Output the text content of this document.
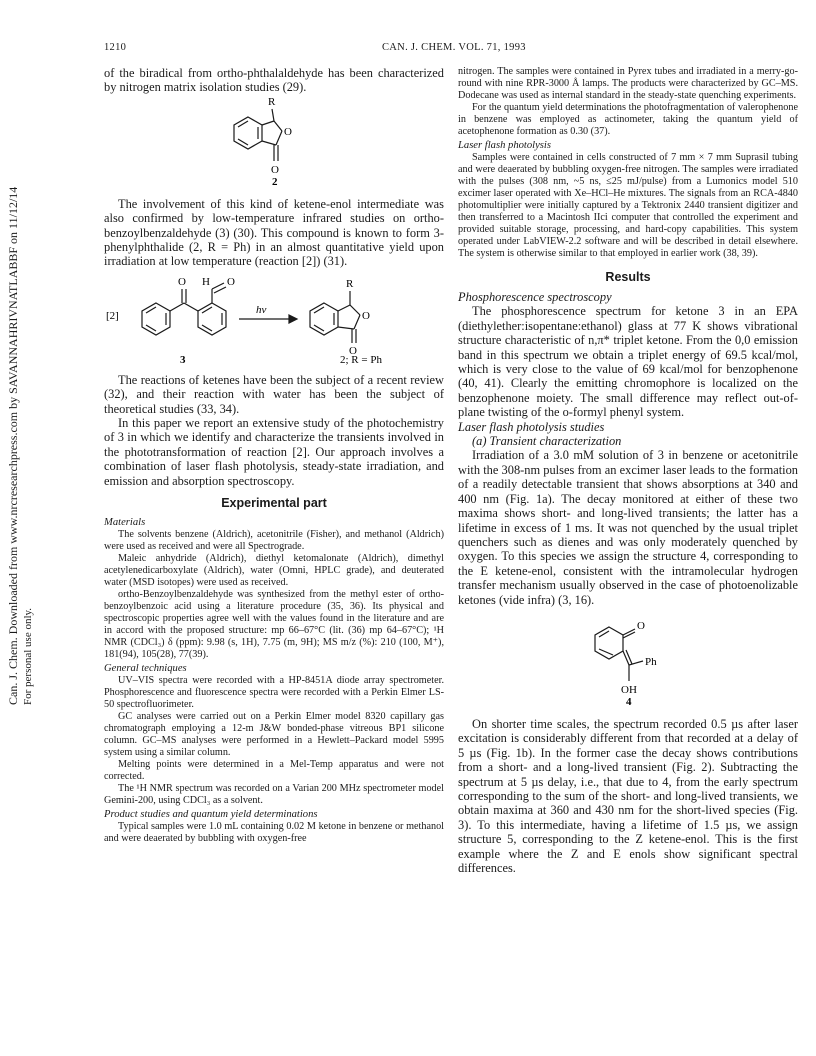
1210	CAN. J. CHEM. VOL. 71, 1993
Can. J. Chem. Downloaded from www.nrcresearchpress.com by SAVANNAHRIVNATLABBF on 11/12/14 For personal use only.

of the biradical from ortho-phthalaldehyde has been characterized by nitrogen matrix isolation studies (29).

R
O
O
2

The involvement of this kind of ketene-enol intermediate was also confirmed by low-temperature infrared studies on ortho-benzoylbenzaldehyde (3) (30). This compound is known to form 3-phenylphthalide (2, R = Ph) in an almost quantitative yield upon irradiation at low temperature (reaction [2]) (31).

[2]
O H O
hv
R
O
O
3	2; R = Ph

The reactions of ketenes have been the subject of a recent review (32), and their reaction with water has been the subject of theoretical studies (33, 34).

In this paper we report an extensive study of the photochemistry of 3 in which we identify and characterize the transients involved in the phototransformation of reaction [2]. Our approach involves a combination of laser flash photolysis, steady-state irradiation, and emission and absorption spectroscopy.

Experimental part
Materials

The solvents benzene (Aldrich), acetonitrile (Fisher), and methanol (Aldrich) were used as received and were all Spectrograde.

Maleic anhydride (Aldrich), diethyl ketomalonate (Aldrich), dimethyl acetylenedicarboxylate (Aldrich), water (Omni, HPLC grade), and deuterated water (MSD isotopes) were used as received.

ortho-Benzoylbenzaldehyde was synthesized from the methyl ester of ortho-benzoylbenzoic acid using a literature procedure (35, 36). Its physical and spectroscopic properties agree well with the values found in the literature and are in accord with the proposed structure: mp 66–67°C (lit. (36) mp 64–67°C); ¹H NMR (CDCl₃) δ (ppm): 9.98 (s, 1H), 7.75 (m, 9H); MS m/z (%): 210 (100, M⁺), 181(94), 105(28), 77(39).

General techniques

UV–VIS spectra were recorded with a HP-8451A diode array spectrometer. Phosphorescence and fluorescence spectra were recorded with a Perkin Elmer LS-50 spectrofluorimeter.

GC analyses were carried out on a Perkin Elmer model 8320 capillary gas chromatograph employing a 12-m J&W bonded-phase vitreous BP1 silicone column. GC–MS analyses were performed in a Hewlett–Packard model 5995 system using a similar column.

Melting points were determined in a Mel-Temp apparatus and were not corrected.

The ¹H NMR spectrum was recorded on a Varian 200 MHz spectrometer model Gemini-200, using CDCl₃ as a solvent.

Product studies and quantum yield determinations

Typical samples were 1.0 mL containing 0.02 M ketone in benzene or methanol and were deaerated by bubbling with oxygen-free

nitrogen. The samples were contained in Pyrex tubes and irradiated in a merry-go-round with nine RPR-3000 Å lamps. The products were characterized by GC–MS. Dodecane was used as internal standard in the steady-state quenching experiments.

For the quantum yield determinations the photofragmentation of valerophenone in benzene was employed as actinometer, taking the quantum yield of acetophenone formation as 0.30 (37).

Laser flash photolysis

Samples were contained in cells constructed of 7 mm × 7 mm Suprasil tubing and were deaerated by bubbling oxygen-free nitrogen. The samples were irradiated with the pulses (308 nm, ~5 ns, ≤25 mJ/pulse) from a Lumonics model 510 excimer laser operated with Xe–HCl–He mixtures. The signals from an RCA-4840 photomultiplier were initially captured by a Tektronix 2440 transient digitizer and then transferred to a Macintosh IIci computer that controlled the experiment and provided suitable storage, processing, and hard-copy capabilities. This system operated under LabVIEW-2.2 software and will be described in detail elsewhere. The system is otherwise similar to that employed in earlier work (38, 39).

Results
Phosphorescence spectroscopy

The phosphorescence spectrum for ketone 3 in an EPA (diethylether:isopentane:ethanol) glass at 77 K shows vibrational structure characteristic of n,π* triplet ketone. From the 0,0 emission band in this spectrum we obtain a triplet energy of 69.5 kcal/mol, which is very close to the value of 69 kcal/mol for benzophenone (40, 41). Clearly the emitting chromophore is localized on the benzophenone moiety. The small difference may reflect out-of-plane twisting of the o-formyl phenyl system.

Laser flash photolysis studies
(a) Transient characterization

Irradiation of a 3.0 mM solution of 3 in benzene or acetonitrile with the 308-nm pulses from an excimer laser leads to the formation of a readily detectable transient that shows absorptions at 340 and 400 nm (Fig. 1a). The decay monitored at either of these two maxima shows short- and long-lived transients; the latter has a lifetime in excess of 1 ms. It was not quenched by the usual triplet quenchers such as dienes and was only moderately quenched by oxygen. To this species we assign the structure 4, corresponding to the E ketene-enol, consistent with the intramolecular hydrogen transfer mechanism usually observed in the case of photoenolizable ketones (vide infra) (3, 16).

O
Ph
OH
4

On shorter time scales, the spectrum recorded 0.5 µs after laser excitation is considerably different from that recorded at a delay of 5 µs (Fig. 1b). In the former case the decay shows contributions from a short- and a long-lived transient (Fig. 2). Subtracting the spectrum at 5 µs delay, i.e., that due to 4, from the early spectrum corresponding to the sum of the short- and long-lived transients, we obtain maxima at 360 and 430 nm for the short-lived species (Fig. 3). To this intermediate, having a lifetime of 1.5 µs, we assign structure 5, corresponding to the Z ketene-enol. This is the first example where the Z and E enols show significant spectral differences.
